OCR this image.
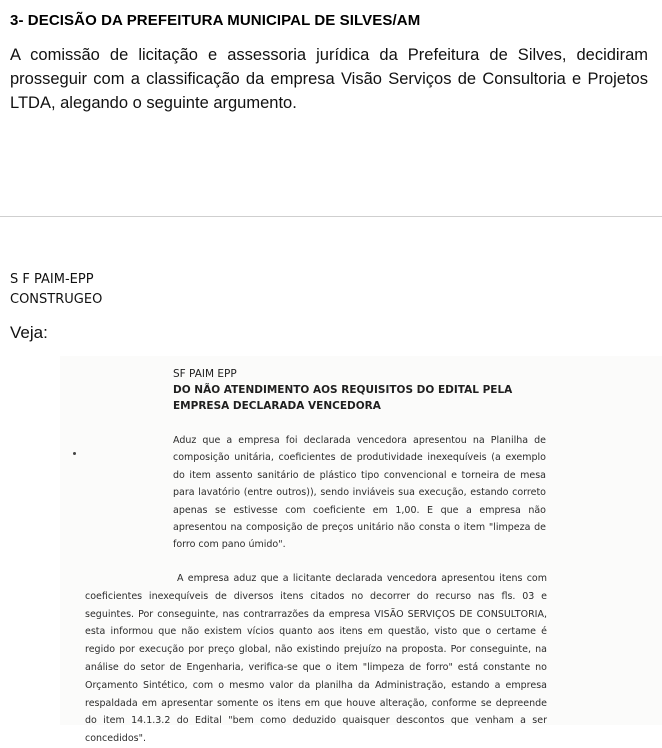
3- DECISÃO DA PREFEITURA MUNICIPAL DE SILVES/AM

A comissão de licitação e assessoria jurídica da Prefeitura de Silves, decidiram prosseguir com a classificação da empresa Visão Serviços de Consultoria e Projetos LTDA, alegando o seguinte argumento.

S F PAIM-EPP
CONSTRUGEO
Veja:
SF PAIM EPP
DO NÃO ATENDIMENTO AOS REQUISITOS DO EDITAL PELA EMPRESA DECLARADA VENCEDORA

Aduz que a empresa foi declarada vencedora apresentou na Planilha de composição unitária, coeficientes de produtividade inexequíveis (a exemplo do item assento sanitário de plástico tipo convencional e torneira de mesa para lavatório (entre outros)), sendo inviáveis sua execução, estando correto apenas se estivesse com coeficiente em 1,00. E que a empresa não apresentou na composição de preços unitário não consta o item "limpeza de forro com pano úmido".

A empresa aduz que a licitante declarada vencedora apresentou itens com coeficientes inexequíveis de diversos itens citados no decorrer do recurso nas fls. 03 e seguintes. Por conseguinte, nas contrarrazões da empresa VISÃO SERVIÇOS DE CONSULTORIA, esta informou que não existem vícios quanto aos itens em questão, visto que o certame é regido por execução por preço global, não existindo prejuízo na proposta. Por conseguinte, na análise do setor de Engenharia, verifica-se que o item "limpeza de forro" está constante no Orçamento Sintético, com o mesmo valor da planilha da Administração, estando a empresa respaldada em apresentar somente os itens em que houve alteração, conforme se depreende do item 14.1.3.2 do Edital "bem como deduzido quaisquer descontos que venham a ser concedidos".
